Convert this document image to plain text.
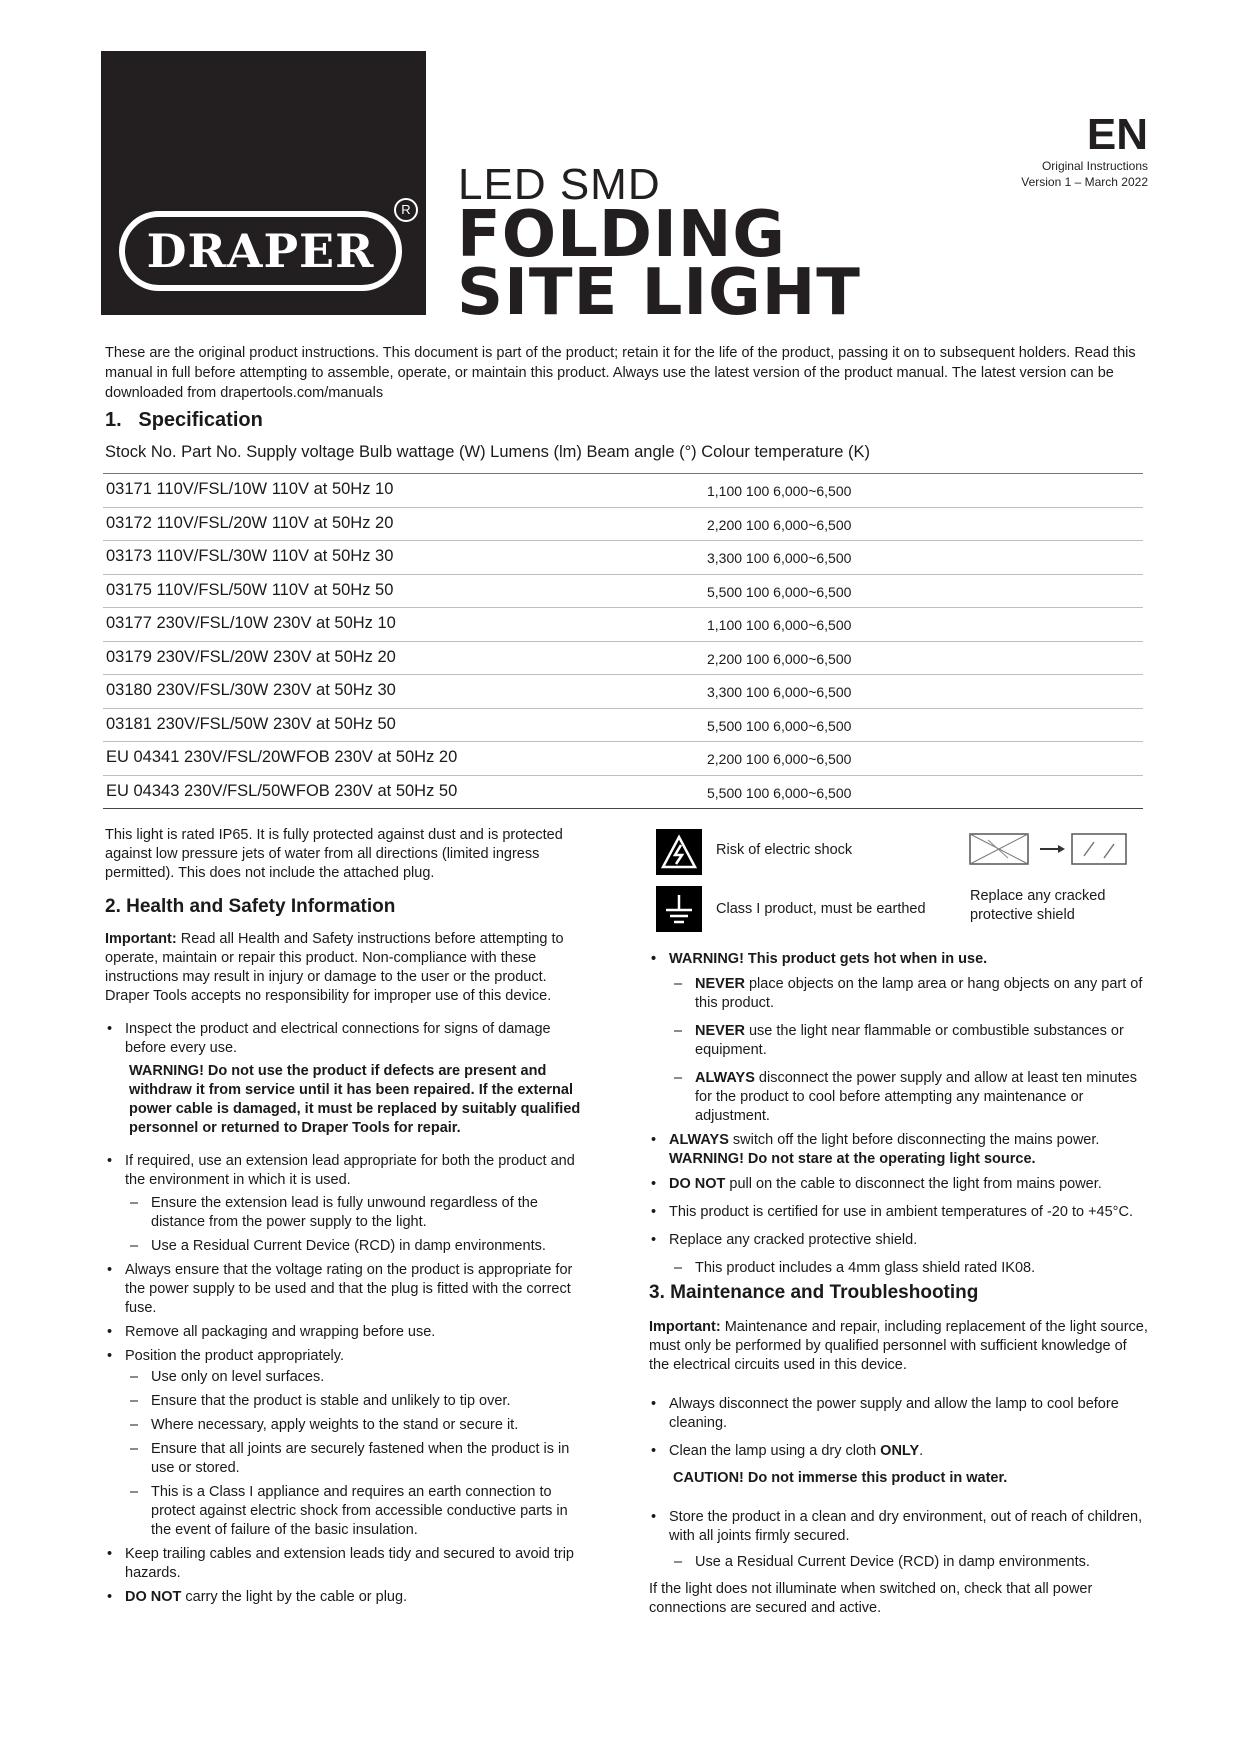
R
DRAPER
LED SMD
FOLDING
SITE LIGHT
EN
Original Instructions
Version 1 – March 2022
These are the original product instructions. This document is part of the product; retain it for the life of the product, passing it on to subsequent holders. Read this manual in full before attempting to assemble, operate, or maintain this product. Always use the latest version of the product manual. The latest version can be downloaded from drapertools.com/manuals
1.   Specification
Stock No. Part No. Supply voltage Bulb wattage (W) Lumens (lm) Beam angle (°) Colour temperature (K)
03171 110V/FSL/10W 110V at 50Hz 10	1,100 100 6,000~6,500
03172 110V/FSL/20W 110V at 50Hz 20	2,200 100 6,000~6,500
03173 110V/FSL/30W 110V at 50Hz 30	3,300 100 6,000~6,500
03175 110V/FSL/50W 110V at 50Hz 50	5,500 100 6,000~6,500
03177 230V/FSL/10W 230V at 50Hz 10	1,100 100 6,000~6,500
03179 230V/FSL/20W 230V at 50Hz 20	2,200 100 6,000~6,500
03180 230V/FSL/30W 230V at 50Hz 30	3,300 100 6,000~6,500
03181 230V/FSL/50W 230V at 50Hz 50	5,500 100 6,000~6,500
EU 04341 230V/FSL/20WFOB 230V at 50Hz 20	2,200 100 6,000~6,500
EU 04343 230V/FSL/50WFOB 230V at 50Hz 50	5,500 100 6,000~6,500

This light is rated IP65. It is fully protected against dust and is protected against low pressure jets of water from all directions (limited ingress permitted). This does not include the attached plug.

2. Health and Safety Information

Important: Read all Health and Safety instructions before attempting to operate, maintain or repair this product. Non-compliance with these instructions may result in injury or damage to the user or the product. Draper Tools accepts no responsibility for improper use of this device.

• Inspect the product and electrical connections for signs of damage before every use.
WARNING! Do not use the product if defects are present and withdraw it from service until it has been repaired. If the external power cable is damaged, it must be replaced by suitably qualified personnel or returned to Draper Tools for repair.
• If required, use an extension lead appropriate for both the product and the environment in which it is used.
– Ensure the extension lead is fully unwound regardless of the distance from the power supply to the light.
– Use a Residual Current Device (RCD) in damp environments.
• Always ensure that the voltage rating on the product is appropriate for the power supply to be used and that the plug is fitted with the correct fuse.
• Remove all packaging and wrapping before use.
• Position the product appropriately.
– Use only on level surfaces.
– Ensure that the product is stable and unlikely to tip over.
– Where necessary, apply weights to the stand or secure it.
– Ensure that all joints are securely fastened when the product is in use or stored.
– This is a Class I appliance and requires an earth connection to protect against electric shock from accessible conductive parts in the event of failure of the basic insulation.
• Keep trailing cables and extension leads tidy and secured to avoid trip hazards.
• DO NOT carry the light by the cable or plug.
Risk of electric shock
Class I product, must be earthed
Replace any cracked protective shield
• WARNING! This product gets hot when in use.
– NEVER place objects on the lamp area or hang objects on any part of this product.
– NEVER use the light near flammable or combustible substances or equipment.
– ALWAYS disconnect the power supply and allow at least ten minutes for the product to cool before attempting any maintenance or adjustment.
• ALWAYS switch off the light before disconnecting the mains power.
WARNING! Do not stare at the operating light source.
• DO NOT pull on the cable to disconnect the light from mains power.
• This product is certified for use in ambient temperatures of -20 to +45°C.
• Replace any cracked protective shield.
– This product includes a 4mm glass shield rated IK08.

3. Maintenance and Troubleshooting

Important: Maintenance and repair, including replacement of the light source, must only be performed by qualified personnel with sufficient knowledge of the electrical circuits used in this device.

• Always disconnect the power supply and allow the lamp to cool before cleaning.
• Clean the lamp using a dry cloth ONLY.
CAUTION! Do not immerse this product in water.
• Store the product in a clean and dry environment, out of reach of children, with all joints firmly secured.
– Use a Residual Current Device (RCD) in damp environments.

If the light does not illuminate when switched on, check that all power connections are secured and active.
